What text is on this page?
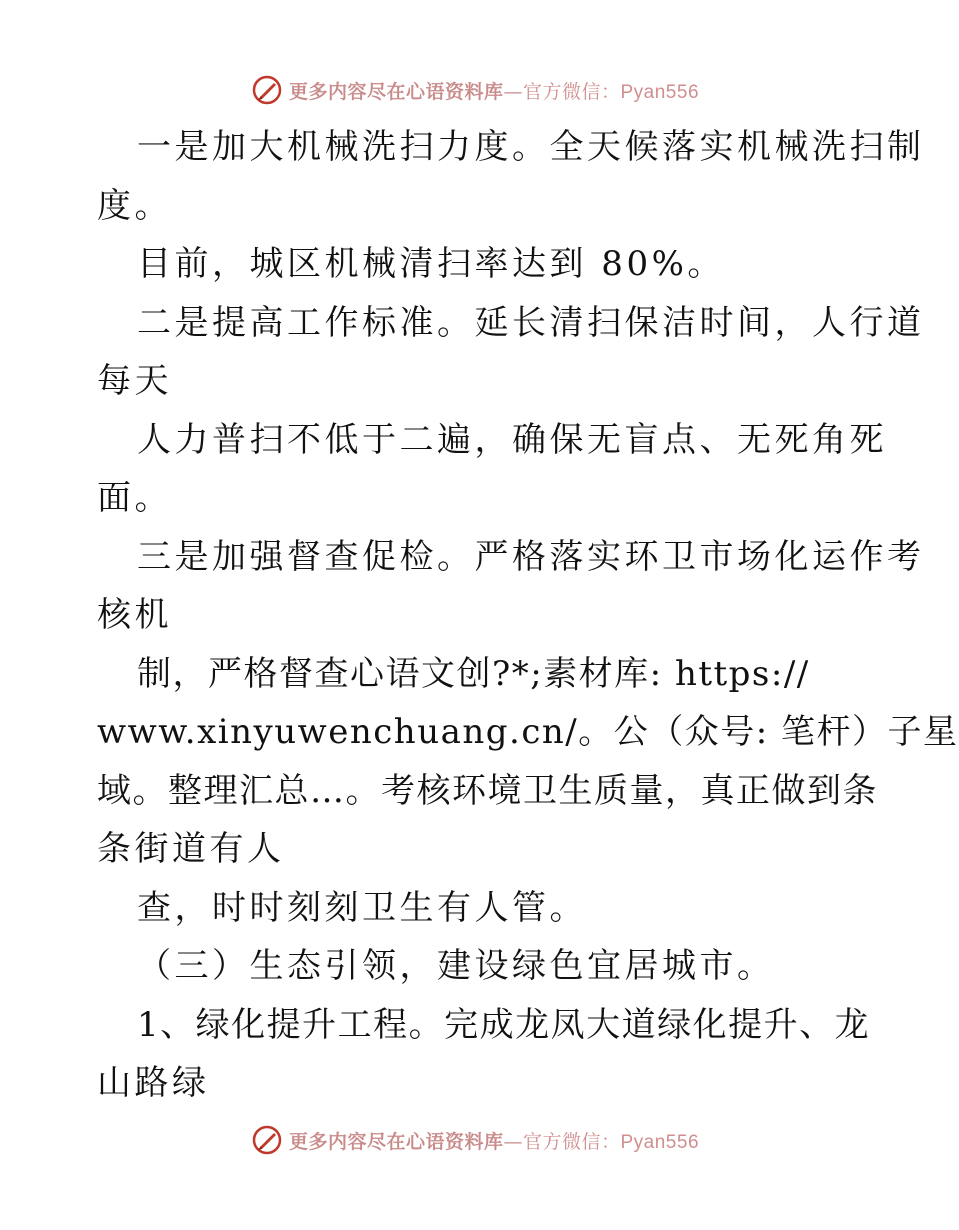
更多内容尽在心语资料库—官方微信：Pyan556
一是加大机械洗扫力度。全天候落实机械洗扫制
度。
目前，城区机械清扫率达到 80%。
二是提高工作标准。延长清扫保洁时间，人行道
每天
人力普扫不低于二遍，确保无盲点、无死角死
面。
三是加强督查促检。严格落实环卫市场化运作考
核机
制，严格督查心语文创?*;素材库: https://
www.xinyuwenchuang.cn/。公（众号: 笔杆）子星
域。整理汇总…。考核环境卫生质量，真正做到条
条街道有人
查，时时刻刻卫生有人管。
（三）生态引领，建设绿色宜居城市。
1、绿化提升工程。完成龙凤大道绿化提升、龙
山路绿
更多内容尽在心语资料库—官方微信：Pyan556
